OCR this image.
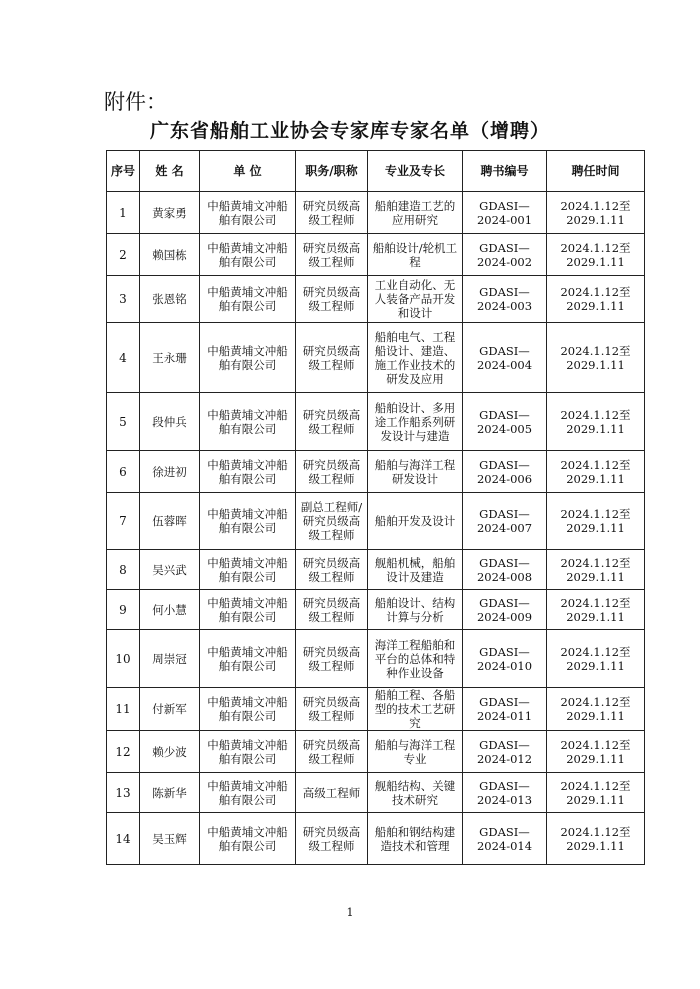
附件：
广东省船舶工业协会专家库专家名单（增聘）
序号	姓 名	单 位	职务/职称	专业及专长	聘书编号	聘任时间
1	黄家勇	中船黄埔文冲船舶有限公司	研究员级高级工程师	船舶建造工艺的应用研究	GDASI—2024-001	2024.1.12至2029.1.11
2	赖国栋	中船黄埔文冲船舶有限公司	研究员级高级工程师	船舶设计/轮机工程	GDASI—2024-002	2024.1.12至2029.1.11
3	张恩铭	中船黄埔文冲船舶有限公司	研究员级高级工程师	工业自动化、无人装备产品开发和设计	GDASI—2024-003	2024.1.12至2029.1.11
4	王永珊	中船黄埔文冲船舶有限公司	研究员级高级工程师	船舶电气、工程船设计、建造、施工作业技术的研发及应用	GDASI—2024-004	2024.1.12至2029.1.11
5	段仲兵	中船黄埔文冲船舶有限公司	研究员级高级工程师	船舶设计、多用途工作船系列研发设计与建造	GDASI—2024-005	2024.1.12至2029.1.11
6	徐进初	中船黄埔文冲船舶有限公司	研究员级高级工程师	船舶与海洋工程研发设计	GDASI—2024-006	2024.1.12至2029.1.11
7	伍蓉晖	中船黄埔文冲船舶有限公司	副总工程师/研究员级高级工程师	船舶开发及设计	GDASI—2024-007	2024.1.12至2029.1.11
8	吴兴武	中船黄埔文冲船舶有限公司	研究员级高级工程师	舰船机械，船舶设计及建造	GDASI—2024-008	2024.1.12至2029.1.11
9	何小慧	中船黄埔文冲船舶有限公司	研究员级高级工程师	船舶设计、结构计算与分析	GDASI—2024-009	2024.1.12至2029.1.11
10	周崇冠	中船黄埔文冲船舶有限公司	研究员级高级工程师	海洋工程船舶和平台的总体和特种作业设备	GDASI—2024-010	2024.1.12至2029.1.11
11	付新军	中船黄埔文冲船舶有限公司	研究员级高级工程师	船舶工程、各船型的技术工艺研究	GDASI—2024-011	2024.1.12至2029.1.11
12	赖少波	中船黄埔文冲船舶有限公司	研究员级高级工程师	船舶与海洋工程专业	GDASI—2024-012	2024.1.12至2029.1.11
13	陈新华	中船黄埔文冲船舶有限公司	高级工程师	舰船结构、关键技术研究	GDASI—2024-013	2024.1.12至2029.1.11
14	吴玉辉	中船黄埔文冲船舶有限公司	研究员级高级工程师	船舶和钢结构建造技术和管理	GDASI—2024-014	2024.1.12至2029.1.11
1
